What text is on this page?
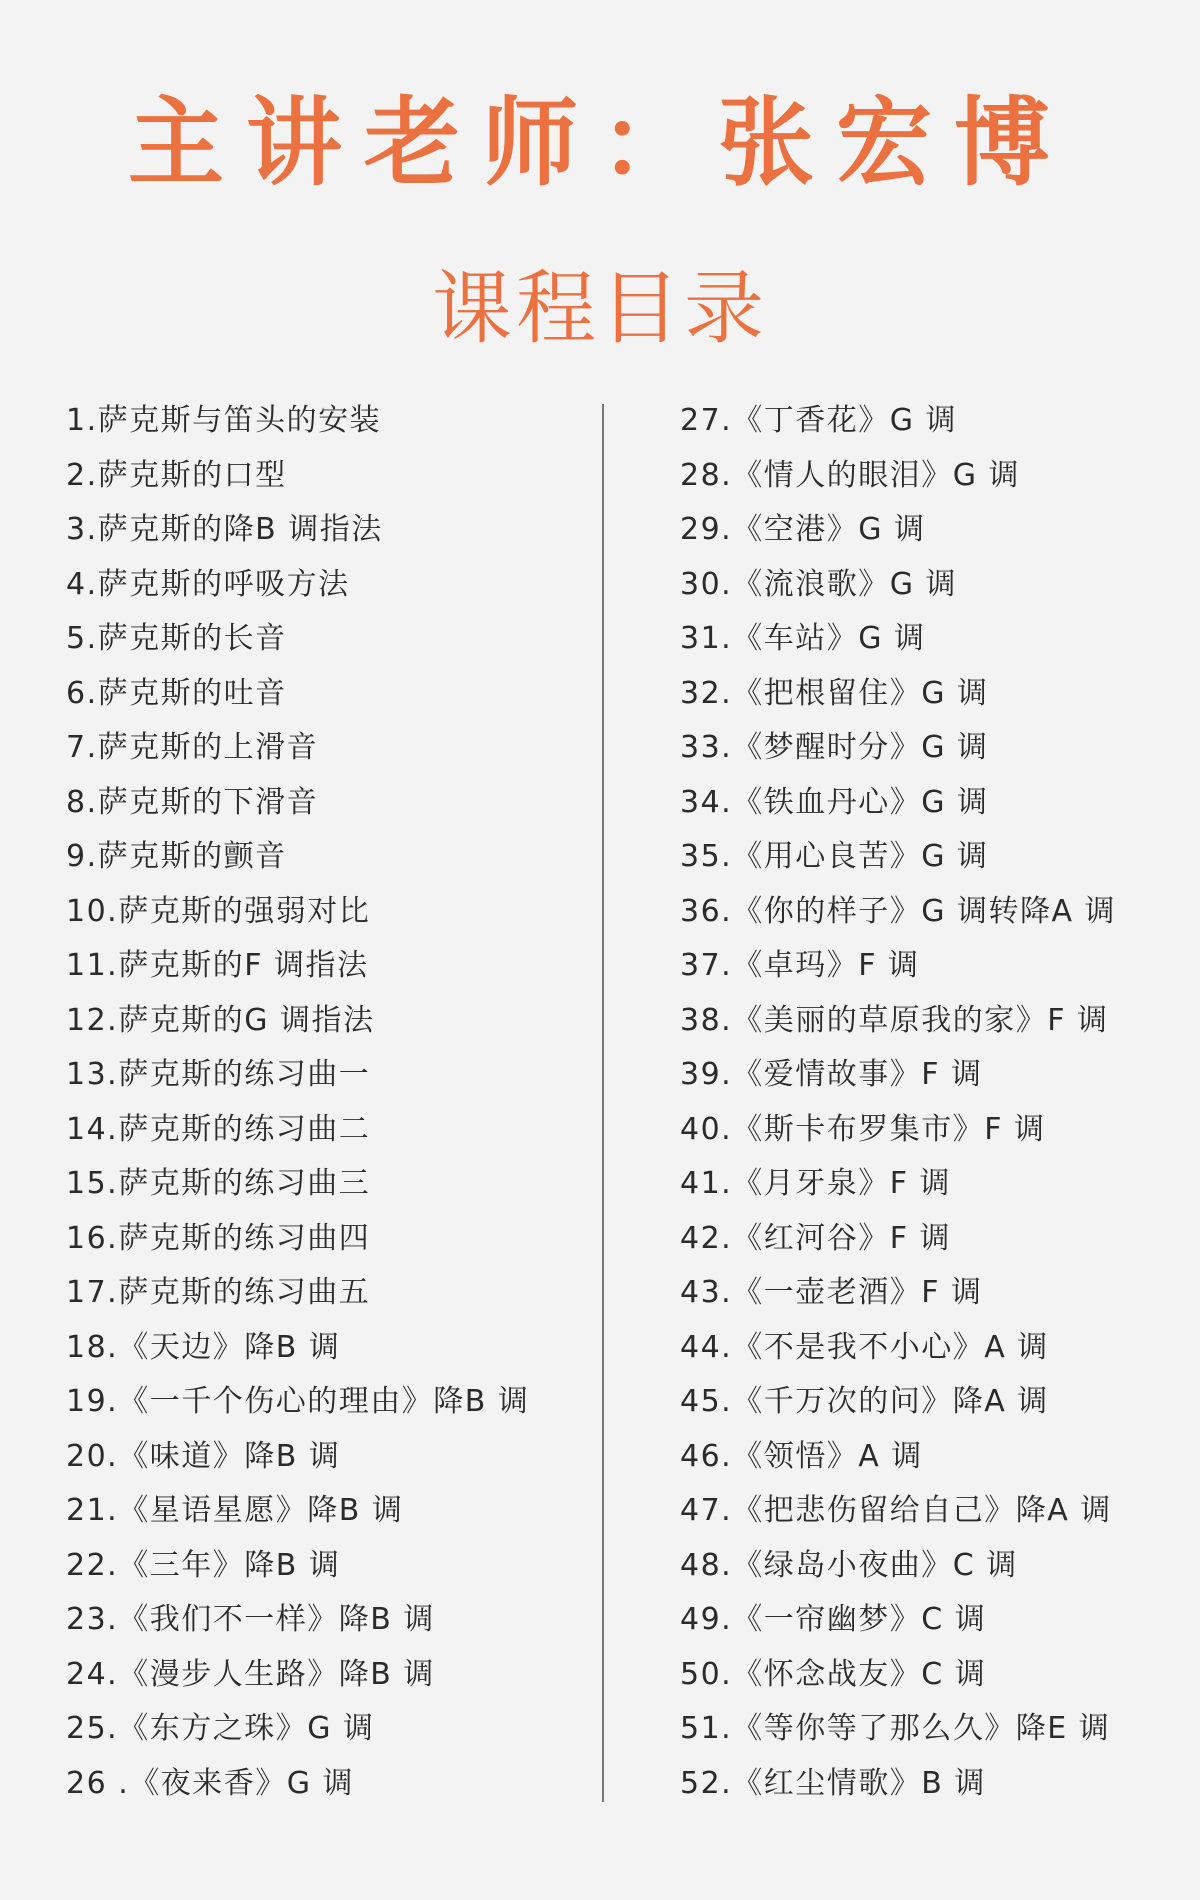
主讲老师：张宏博
课程目录
1.萨克斯与笛头的安装
2.萨克斯的口型
3.萨克斯的降B 调指法
4.萨克斯的呼吸方法
5.萨克斯的长音
6.萨克斯的吐音
7.萨克斯的上滑音
8.萨克斯的下滑音
9.萨克斯的颤音
10.萨克斯的强弱对比
11.萨克斯的F 调指法
12.萨克斯的G 调指法
13.萨克斯的练习曲一
14.萨克斯的练习曲二
15.萨克斯的练习曲三
16.萨克斯的练习曲四
17.萨克斯的练习曲五
18.《天边》降B 调
19.《一千个伤心的理由》降B 调
20.《味道》降B 调
21.《星语星愿》降B 调
22.《三年》降B 调
23.《我们不一样》降B 调
24.《漫步人生路》降B 调
25.《东方之珠》G 调
26 .《夜来香》G 调
27.《丁香花》G 调
28.《情人的眼泪》G 调
29.《空港》G 调
30.《流浪歌》G 调
31.《车站》G 调
32.《把根留住》G 调
33.《梦醒时分》G 调
34.《铁血丹心》G 调
35.《用心良苦》G 调
36.《你的样子》G 调转降A 调
37.《卓玛》F 调
38.《美丽的草原我的家》F 调
39.《爱情故事》F 调
40.《斯卡布罗集市》F 调
41.《月牙泉》F 调
42.《红河谷》F 调
43.《一壶老酒》F 调
44.《不是我不小心》A 调
45.《千万次的问》降A 调
46.《领悟》A 调
47.《把悲伤留给自己》降A 调
48.《绿岛小夜曲》C 调
49.《一帘幽梦》C 调
50.《怀念战友》C 调
51.《等你等了那么久》降E 调
52.《红尘情歌》B 调
